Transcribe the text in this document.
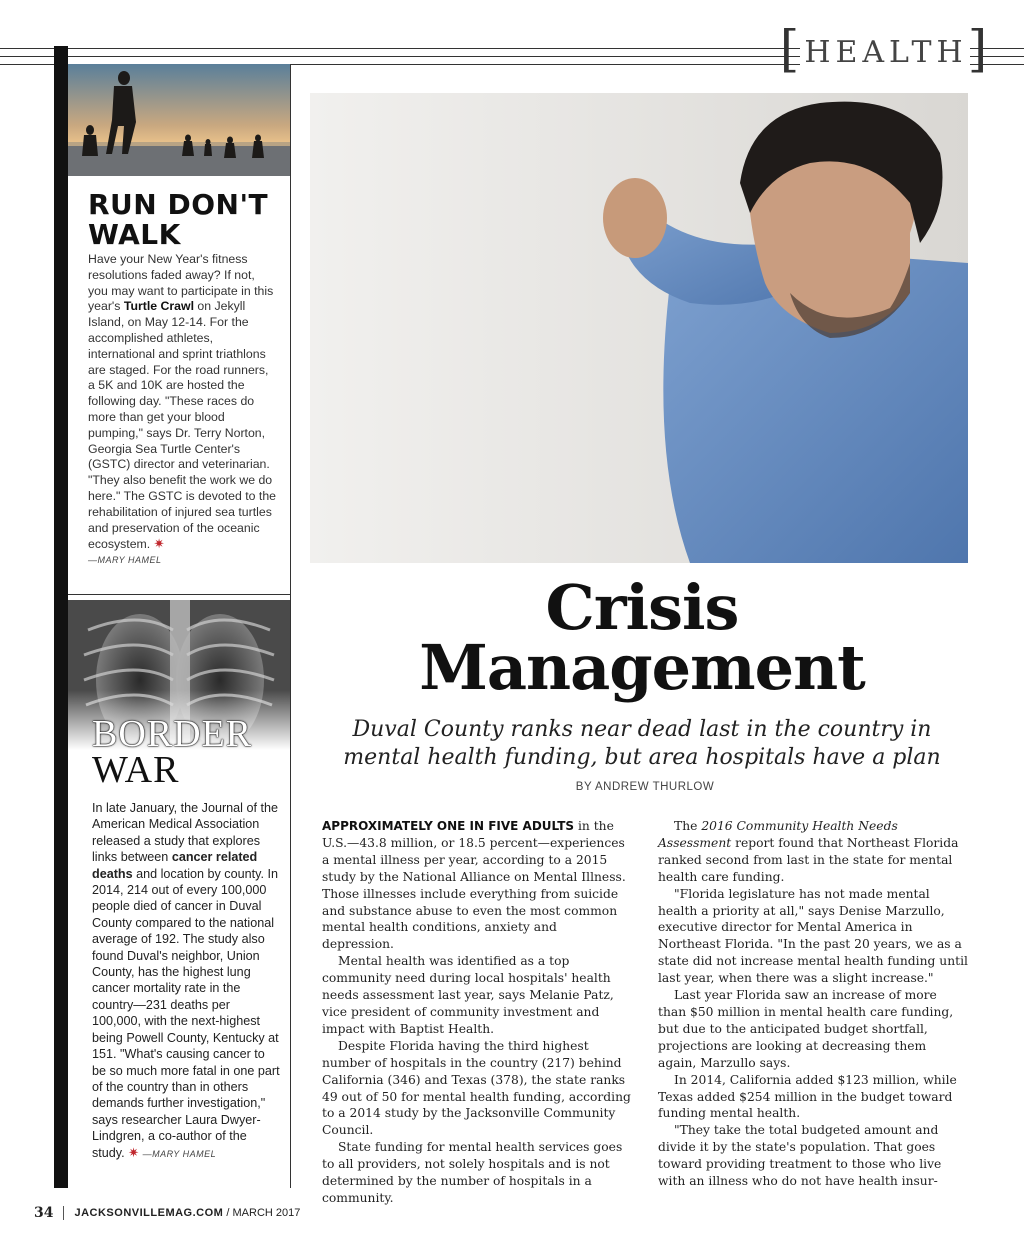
[ HEALTH ]
RUN DON'T
WALK
Have your New Year's fitness resolutions faded away? If not, you may want to participate in this year's Turtle Crawl on Jekyll Island, on May 12-14. For the accomplished athletes, international and sprint triathlons are staged. For the road runners, a 5K and 10K are hosted the following day. "These races do more than get your blood pumping," says Dr. Terry Norton, Georgia Sea Turtle Center's (GSTC) director and veterinarian. "They also benefit the work we do here." The GSTC is devoted to the rehabilitation of injured sea turtles and preservation of the oceanic ecosystem. ✷
—MARY HAMEL
BORDER
WAR
In late January, the Journal of the American Medical Association released a study that explores links between cancer related deaths and location by county. In 2014, 214 out of every 100,000 people died of cancer in Duval County compared to the national average of 192. The study also found Duval's neighbor, Union County, has the highest lung cancer mortality rate in the country—231 deaths per 100,000, with the next-highest being Powell County, Kentucky at 151. "What's causing cancer to be so much more fatal in one part of the country than in others demands further investigation," says researcher Laura Dwyer-Lindgren, a co-author of the study. ✷ —MARY HAMEL
Crisis
Management
Duval County ranks near dead last in the country in mental health funding, but area hospitals have a plan
BY ANDREW THURLOW

APPROXIMATELY ONE IN FIVE ADULTS in the U.S.—43.8 million, or 18.5 percent—experiences a mental illness per year, according to a 2015 study by the National Alliance on Mental Illness. Those illnesses include everything from suicide and substance abuse to even the most common mental health conditions, anxiety and depression.

Mental health was identified as a top community need during local hospitals' health needs assessment last year, says Melanie Patz, vice president of community investment and impact with Baptist Health.

Despite Florida having the third highest number of hospitals in the country (217) behind California (346) and Texas (378), the state ranks 49 out of 50 for mental health funding, according to a 2014 study by the Jacksonville Community Council.

State funding for mental health services goes to all providers, not solely hospitals and is not determined by the number of hospitals in a community.

The 2016 Community Health Needs Assessment report found that Northeast Florida ranked second from last in the state for mental health care funding.

"Florida legislature has not made mental health a priority at all," says Denise Marzullo, executive director for Mental America in Northeast Florida. "In the past 20 years, we as a state did not increase mental health funding until last year, when there was a slight increase."

Last year Florida saw an increase of more than $50 million in mental health care funding, but due to the anticipated budget shortfall, projections are looking at decreasing them again, Marzullo says.

In 2014, California added $123 million, while Texas added $254 million in the budget toward funding mental health.

"They take the total budgeted amount and divide it by the state's population. That goes toward providing treatment to those who live with an illness who do not have health insur-

34 JACKSONVILLEMAG.COM / MARCH 2017
